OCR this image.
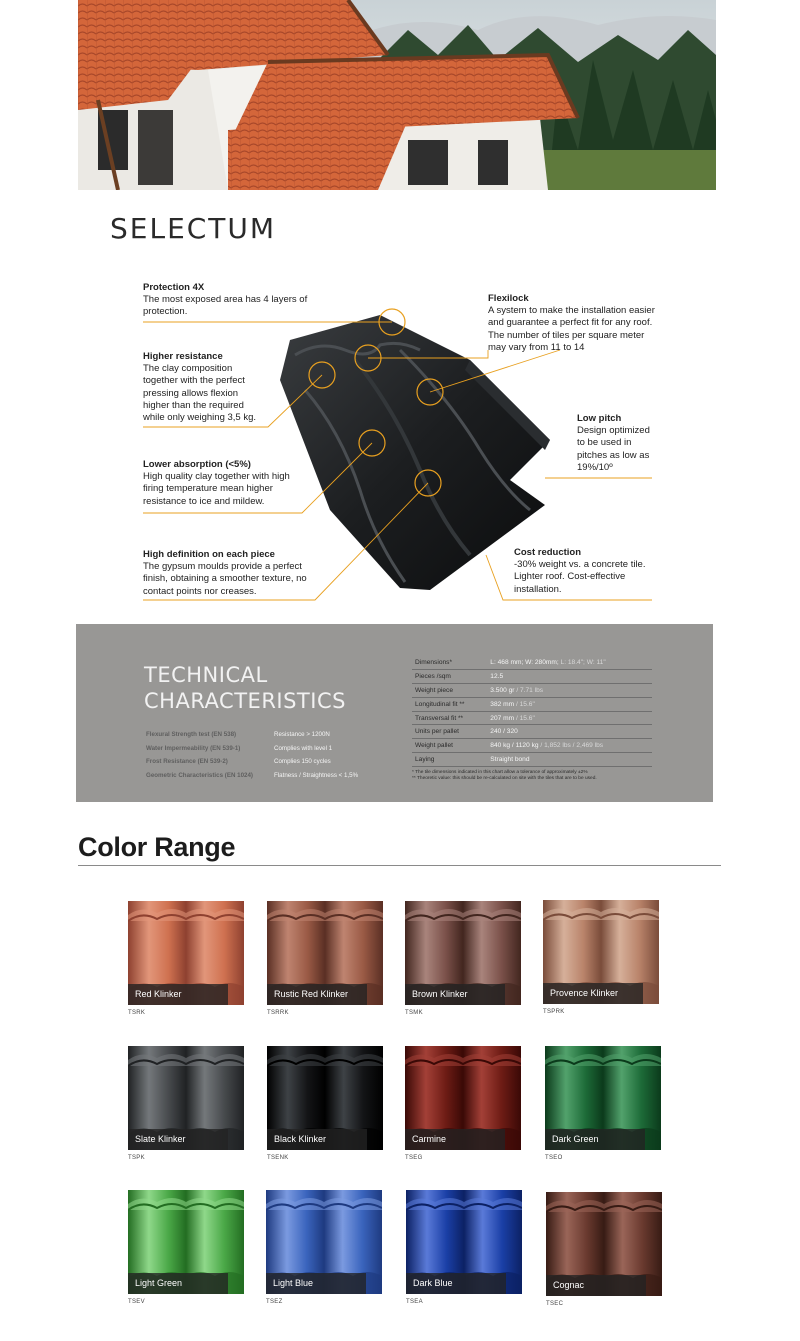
SELECTUM
Protection 4X
The most exposed area has 4 layers of protection.
Higher resistance
The clay composition together with the perfect pressing allows flexion higher than the required while only weighing 3,5 kg.
Lower absorption (<5%)
High quality clay together with high firing temperature mean higher resistance to ice and mildew.
High definition on each piece
The gypsum moulds provide a perfect finish, obtaining a smoother texture, no contact points nor creases.
Flexilock
A system to make the installation easier and guarantee a perfect fit for any roof. The number of tiles per square meter may vary from 11 to 14
Low pitch
Design optimized to be used in pitches as low as 19%/10º
Cost reduction
-30% weight vs. a concrete tile. Lighter roof. Cost-effective installation.
TECHNICAL
CHARACTERISTICS
Flexural Strength test (EN 538)	Resistance > 1200N
Water Impermeability (EN 539-1)	Complies with level 1
Frost Resistance (EN 539-2)	Complies 150 cycles
Geometric Characteristics (EN 1024)	Flatness / Straightness < 1,5%
Dimensions*	L: 468 mm; W: 280mm; L: 18.4"; W: 11"
Pieces /sqm	12.5
Weight piece	3.500 gr / 7.71 lbs
Longitudinal fit **	382 mm / 15.6"
Transversal fit **	207 mm / 15.6"
Units per pallet	240 / 320
Weight pallet	840 kg / 1120 kg / 1,852 lbs / 2,469 lbs
Laying	Straight bond
* The tile dimensions indicated in this chart allow a tolerance of approximately ±2%
** Theoretic value: this should be re-calculated on site with the tiles that are to be used.
Color Range
Red Klinker
TSRK
Rustic Red Klinker
TSRRK
Brown Klinker
TSMK
Provence Klinker
TSPRK
Slate Klinker
TSPK
Black Klinker
TSENK
Carmine
TSEG
Dark Green
TSEO
Light Green
TSEV
Light Blue
TSEZ
Dark Blue
TSEA
Cognac
TSEC
